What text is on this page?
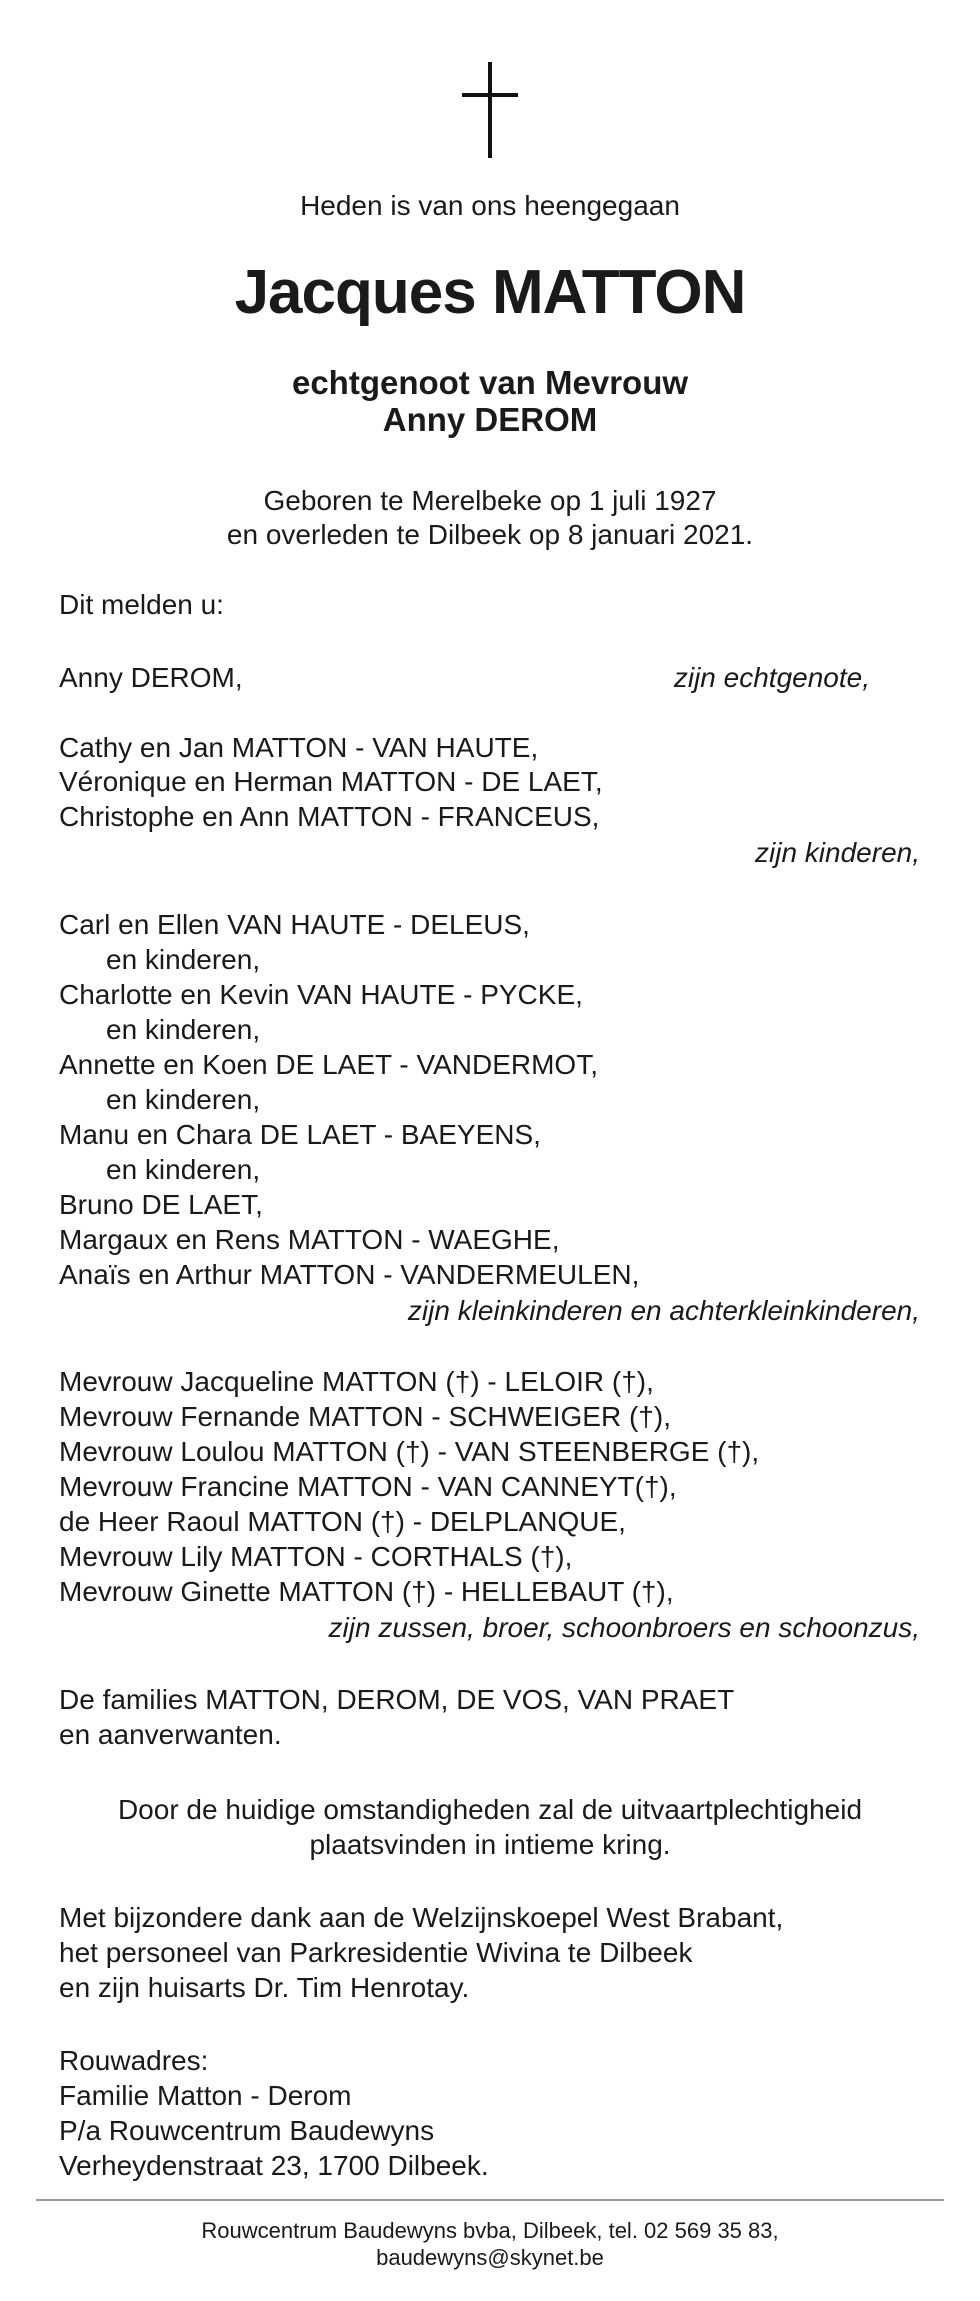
Heden is van ons heengegaan
Jacques MATTON
echtgenoot van Mevrouw
Anny DEROM
Geboren te Merelbeke op 1 juli 1927
en overleden te Dilbeek op 8 januari 2021.
Dit melden u:
Anny DEROM,	zijn echtgenote,
Cathy en Jan MATTON - VAN HAUTE,
Véronique en Herman MATTON - DE LAET,
Christophe en Ann MATTON - FRANCEUS,
zijn kinderen,
Carl en Ellen VAN HAUTE - DELEUS,
en kinderen,
Charlotte en Kevin VAN HAUTE - PYCKE,
en kinderen,
Annette en Koen DE LAET - VANDERMOT,
en kinderen,
Manu en Chara DE LAET - BAEYENS,
en kinderen,
Bruno DE LAET,
Margaux en Rens MATTON - WAEGHE,
Anaïs en Arthur MATTON - VANDERMEULEN,
zijn kleinkinderen en achterkleinkinderen,
Mevrouw Jacqueline MATTON (†) - LELOIR (†),
Mevrouw Fernande MATTON - SCHWEIGER (†),
Mevrouw Loulou MATTON (†) - VAN STEENBERGE (†),
Mevrouw Francine MATTON - VAN CANNEYT(†),
de Heer Raoul MATTON (†) - DELPLANQUE,
Mevrouw Lily MATTON - CORTHALS (†),
Mevrouw Ginette MATTON (†) - HELLEBAUT (†),
zijn zussen, broer, schoonbroers en schoonzus,
De families MATTON, DEROM, DE VOS, VAN PRAET
en aanverwanten.
Door de huidige omstandigheden zal de uitvaartplechtigheid
plaatsvinden in intieme kring.
Met bijzondere dank aan de Welzijnskoepel West Brabant,
het personeel van Parkresidentie Wivina te Dilbeek
en zijn huisarts Dr. Tim Henrotay.
Rouwadres:
Familie Matton - Derom
P/a Rouwcentrum Baudewyns
Verheydenstraat 23, 1700 Dilbeek.
Rouwcentrum Baudewyns bvba, Dilbeek, tel. 02 569 35 83,
baudewyns@skynet.be
